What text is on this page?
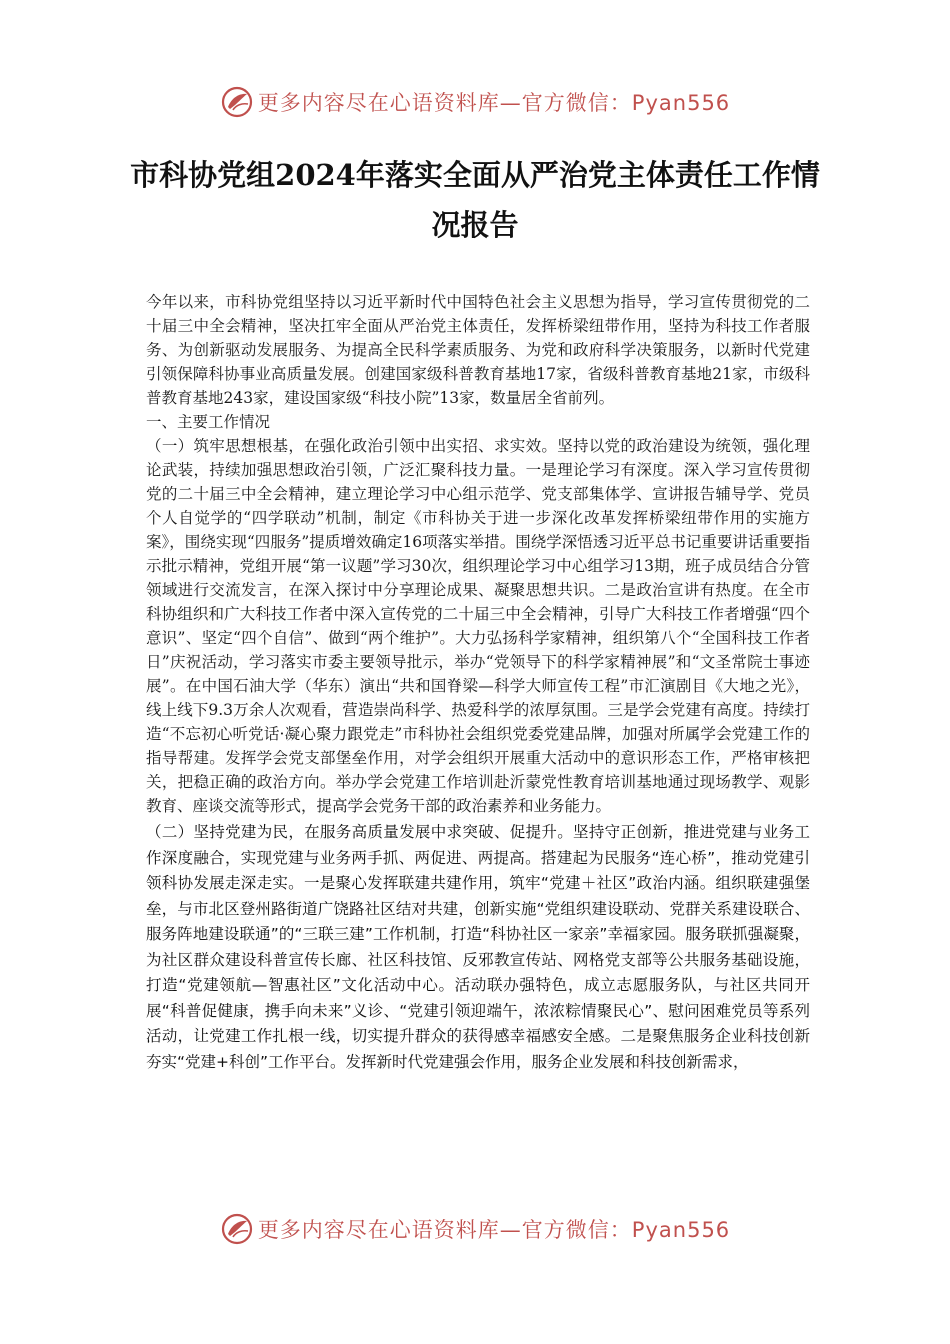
更多内容尽在心语资料库—官方微信：Pyan556
市科协党组2024年落实全面从严治党主体责任工作情况报告

今年以来，市科协党组坚持以习近平新时代中国特色社会主义思想为指导，学习宣传贯彻党的二十届三中全会精神，坚决扛牢全面从严治党主体责任，发挥桥梁纽带作用，坚持为科技工作者服务、为创新驱动发展服务、为提高全民科学素质服务、为党和政府科学决策服务，以新时代党建引领保障科协事业高质量发展。创建国家级科普教育基地17家，省级科普教育基地21家，市级科普教育基地243家，建设国家级“科技小院”13家，数量居全省前列。

一、主要工作情况

（一）筑牢思想根基，在强化政治引领中出实招、求实效。坚持以党的政治建设为统领，强化理论武装，持续加强思想政治引领，广泛汇聚科技力量。一是理论学习有深度。深入学习宣传贯彻党的二十届三中全会精神，建立理论学习中心组示范学、党支部集体学、宣讲报告辅导学、党员个人自觉学的“四学联动”机制，制定《市科协关于进一步深化改革发挥桥梁纽带作用的实施方案》，围绕实现“四服务”提质增效确定16项落实举措。围绕学深悟透习近平总书记重要讲话重要指示批示精神，党组开展“第一议题”学习30次，组织理论学习中心组学习13期，班子成员结合分管领域进行交流发言，在深入探讨中分享理论成果、凝聚思想共识。二是政治宣讲有热度。在全市科协组织和广大科技工作者中深入宣传党的二十届三中全会精神，引导广大科技工作者增强“四个意识”、坚定“四个自信”、做到“两个维护”。大力弘扬科学家精神，组织第八个“全国科技工作者日”庆祝活动，学习落实市委主要领导批示，举办“党领导下的科学家精神展”和“文圣常院士事迹展”。在中国石油大学（华东）演出“共和国脊梁—科学大师宣传工程”市汇演剧目《大地之光》，线上线下9.3万余人次观看，营造崇尚科学、热爱科学的浓厚氛围。三是学会党建有高度。持续打造“不忘初心听党话·凝心聚力跟党走”市科协社会组织党委党建品牌，加强对所属学会党建工作的指导帮建。发挥学会党支部堡垒作用，对学会组织开展重大活动中的意识形态工作，严格审核把关，把稳正确的政治方向。举办学会党建工作培训赴沂蒙党性教育培训基地通过现场教学、观影教育、座谈交流等形式，提高学会党务干部的政治素养和业务能力。

（二）坚持党建为民，在服务高质量发展中求突破、促提升。坚持守正创新，推进党建与业务工作深度融合，实现党建与业务两手抓、两促进、两提高。搭建起为民服务“连心桥”，推动党建引领科协发展走深走实。一是聚心发挥联建共建作用，筑牢“党建＋社区”政治内涵。组织联建强堡垒，与市北区登州路街道广饶路社区结对共建，创新实施“党组织建设联动、党群关系建设联合、服务阵地建设联通”的“三联三建”工作机制，打造“科协社区一家亲”幸福家园。服务联抓强凝聚，为社区群众建设科普宣传长廊、社区科技馆、反邪教宣传站、网格党支部等公共服务基础设施，打造“党建领航—智惠社区”文化活动中心。活动联办强特色，成立志愿服务队，与社区共同开展“科普促健康，携手向未来”义诊、“党建引领迎端午，浓浓粽情聚民心”、慰问困难党员等系列活动，让党建工作扎根一线，切实提升群众的获得感幸福感安全感。二是聚焦服务企业科技创新夯实“党建+科创”工作平台。发挥新时代党建强会作用，服务企业发展和科技创新需求，

更多内容尽在心语资料库—官方微信：Pyan556
